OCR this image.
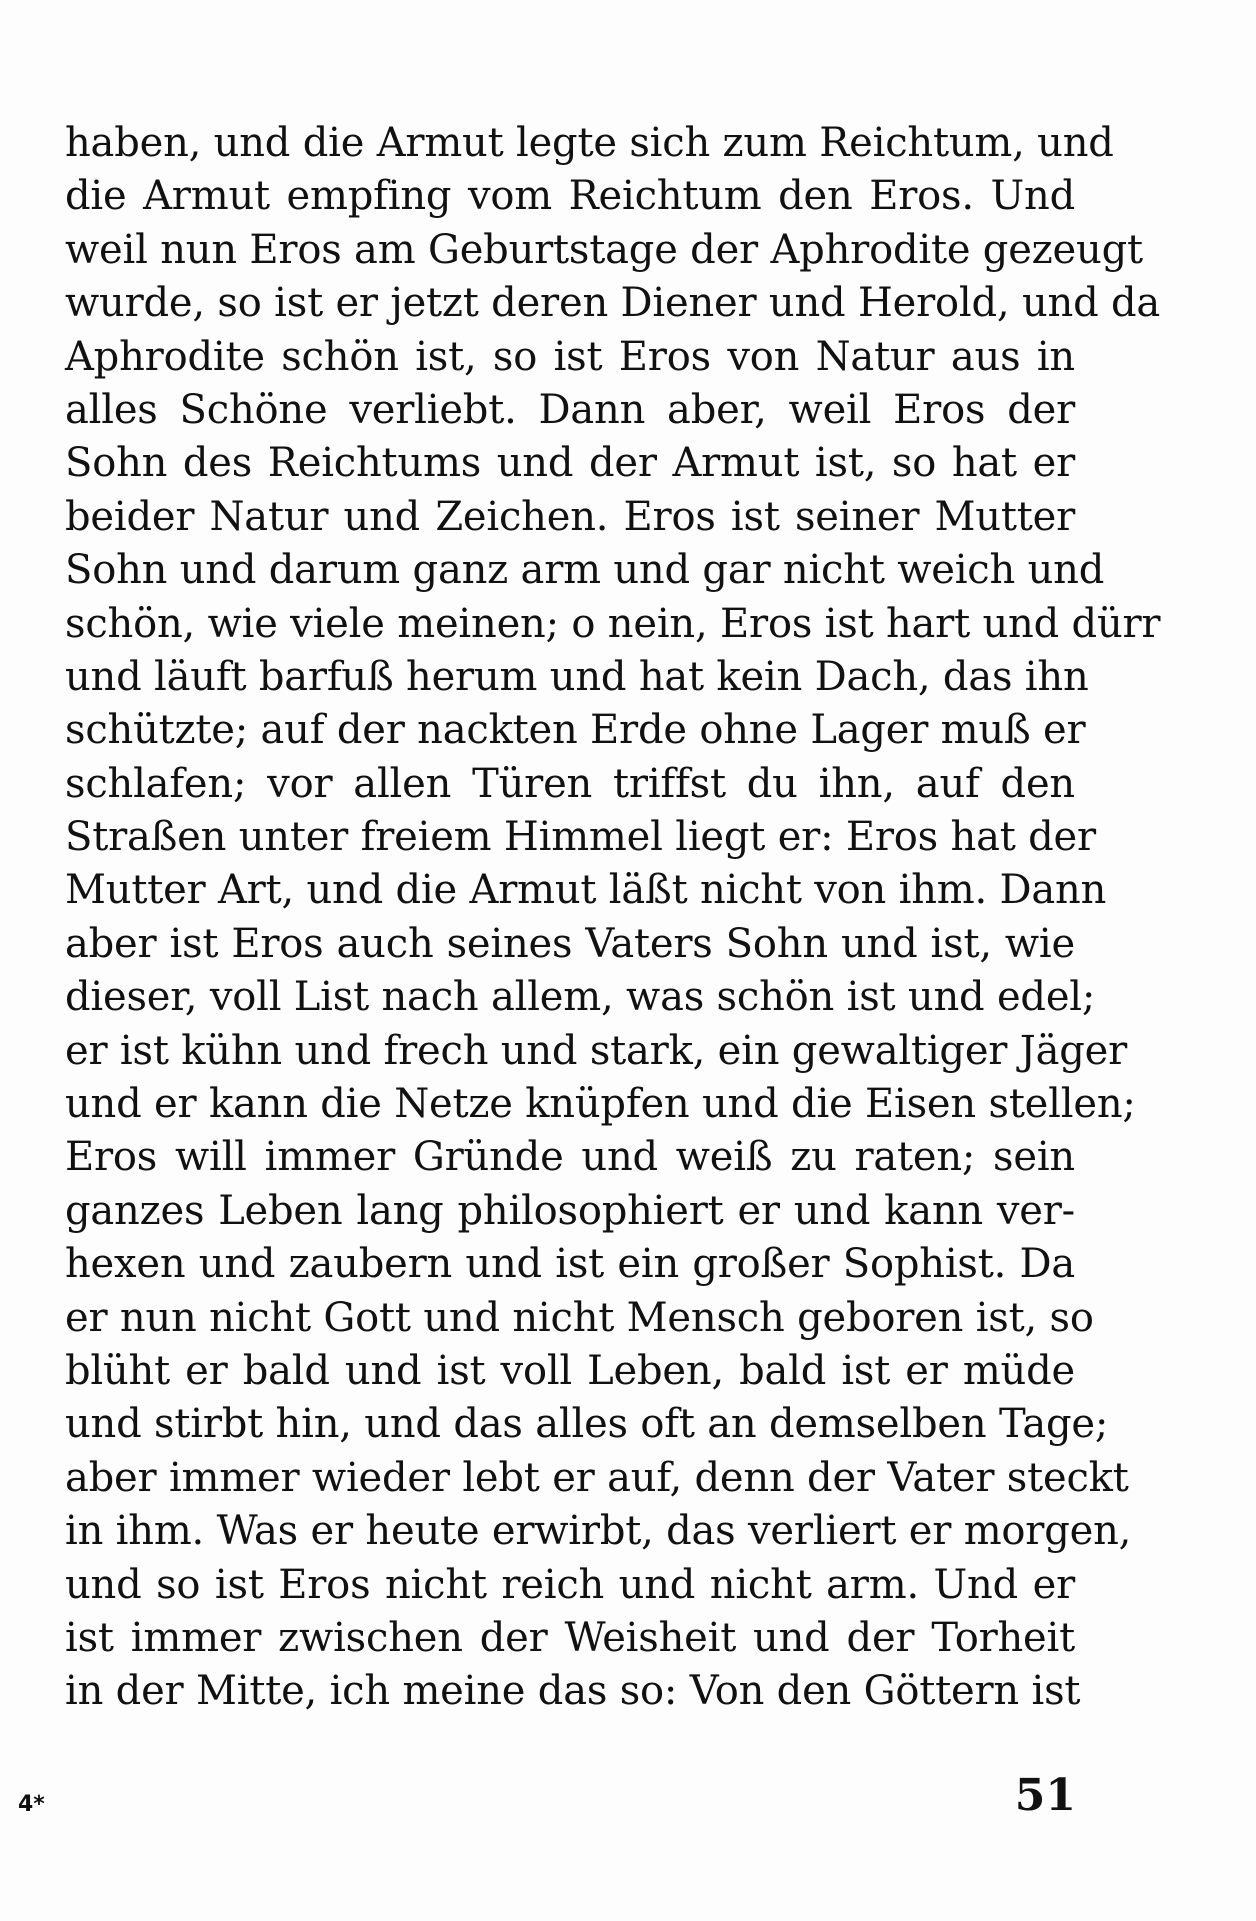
haben, und die Armut legte sich zum Reichtum, und
die Armut empfing vom Reichtum den Eros. Und
weil nun Eros am Geburtstage der Aphrodite gezeugt
wurde, so ist er jetzt deren Diener und Herold, und da
Aphrodite schön ist, so ist Eros von Natur aus in
alles Schöne verliebt. Dann aber, weil Eros der
Sohn des Reichtums und der Armut ist, so hat er
beider Natur und Zeichen. Eros ist seiner Mutter
Sohn und darum ganz arm und gar nicht weich und
schön, wie viele meinen; o nein, Eros ist hart und dürr
und läuft barfuß herum und hat kein Dach, das ihn
schützte; auf der nackten Erde ohne Lager muß er
schlafen; vor allen Türen triffst du ihn, auf den
Straßen unter freiem Himmel liegt er: Eros hat der
Mutter Art, und die Armut läßt nicht von ihm. Dann
aber ist Eros auch seines Vaters Sohn und ist, wie
dieser, voll List nach allem, was schön ist und edel;
er ist kühn und frech und stark, ein gewaltiger Jäger
und er kann die Netze knüpfen und die Eisen stellen;
Eros will immer Gründe und weiß zu raten; sein
ganzes Leben lang philosophiert er und kann ver-
hexen und zaubern und ist ein großer Sophist. Da
er nun nicht Gott und nicht Mensch geboren ist, so
blüht er bald und ist voll Leben, bald ist er müde
und stirbt hin, und das alles oft an demselben Tage;
aber immer wieder lebt er auf, denn der Vater steckt
in ihm. Was er heute erwirbt, das verliert er morgen,
und so ist Eros nicht reich und nicht arm. Und er
ist immer zwischen der Weisheit und der Torheit
in der Mitte, ich meine das so: Von den Göttern ist
4*	51
